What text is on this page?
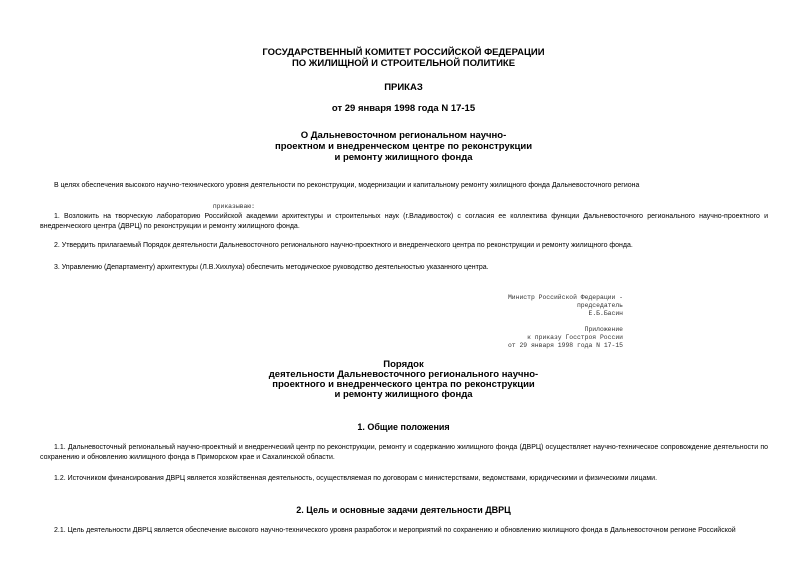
ГОСУДАРСТВЕННЫЙ КОМИТЕТ РОССИЙСКОЙ ФЕДЕРАЦИИ
ПО ЖИЛИЩНОЙ И СТРОИТЕЛЬНОЙ ПОЛИТИКЕ
ПРИКАЗ
от 29 января 1998 года N 17-15
О Дальневосточном региональном научно-
проектном и внедренческом центре по реконструкции
и ремонту жилищного фонда
В целях обеспечения высокого научно-технического уровня деятельности по реконструкции, модернизации и капитальному ремонту жилищного фонда Дальневосточного региона
приказываю:
1. Возложить на творческую лабораторию Российской академии архитектуры и строительных наук (г.Владивосток) с согласия ее коллектива функции Дальневосточного регионального научно-проектного и внедренческого центра (ДВРЦ) по реконструкции и ремонту жилищного фонда.
2. Утвердить прилагаемый Порядок деятельности Дальневосточного регионального научно-проектного и внедренческого центра по реконструкции и ремонту жилищного фонда.
3. Управлению (Департаменту) архитектуры (Л.В.Хихлуха) обеспечить методическое руководство деятельностью указанного центра.
Министр Российской Федерации -
председатель
Е.Б.Басин
Приложение
к приказу Госстроя России
от 29 января 1998 года N 17-15
Порядок
деятельности Дальневосточного регионального научно-
проектного и внедренческого центра по реконструкции
и ремонту жилищного фонда
1. Общие положения
1.1. Дальневосточный региональный научно-проектный и внедренческий центр по реконструкции, ремонту и содержанию жилищного фонда (ДВРЦ) осуществляет научно-техническое сопровождение деятельности по сохранению и обновлению жилищного фонда в Приморском крае и Сахалинской области.
1.2. Источником финансирования ДВРЦ является хозяйственная деятельность, осуществляемая по договорам с министерствами, ведомствами, юридическими и физическими лицами.
2. Цель и основные задачи деятельности ДВРЦ
2.1. Цель деятельности ДВРЦ является обеспечение высокого научно-технического уровня разработок и мероприятий по сохранению и обновлению жилищного фонда в Дальневосточном регионе Российской
